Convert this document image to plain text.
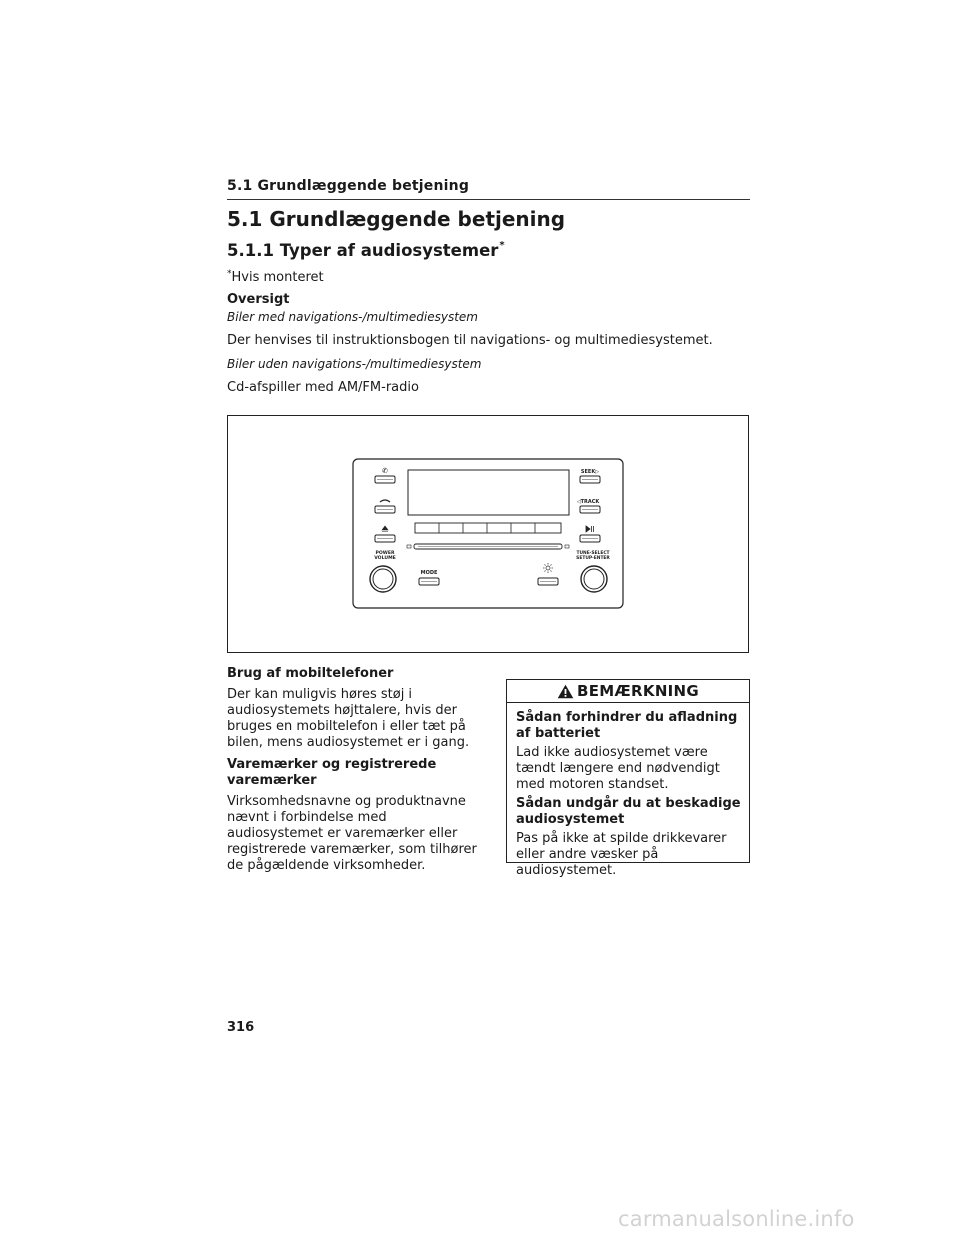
5.1 Grundlæggende betjening
5.1 Grundlæggende betjening
5.1.1 Typer af audiosystemer*
*Hvis monteret
Oversigt
Biler med navigations-/multimediesystem
Der henvises til instruktionsbogen til navigations- og multimediesystemet.
Biler uden navigations-/multimediesystem
Cd-afspiller med AM/FM-radio
✆
POWER
VOLUME
MODE
SEEK▷
◁TRACK
TUNE·SELECT
SETUP·ENTER
Brug af mobiltelefoner
Der kan muligvis høres støj i audiosystemets højttalere, hvis der bruges en mobiltelefon i eller tæt på bilen, mens audiosystemet er i gang.
Varemærker og registrerede varemærker
Virksomhedsnavne og produktnavne nævnt i forbindelse med audiosystemet er varemærker eller registrerede varemærker, som tilhører de pågældende virksomheder.
BEMÆRKNING
Sådan forhindrer du afladning af batteriet
Lad ikke audiosystemet være tændt længere end nødvendigt med motoren standset.
Sådan undgår du at beskadige audiosystemet
Pas på ikke at spilde drikkevarer eller andre væsker på audiosystemet.
316
carmanualsonline.info
